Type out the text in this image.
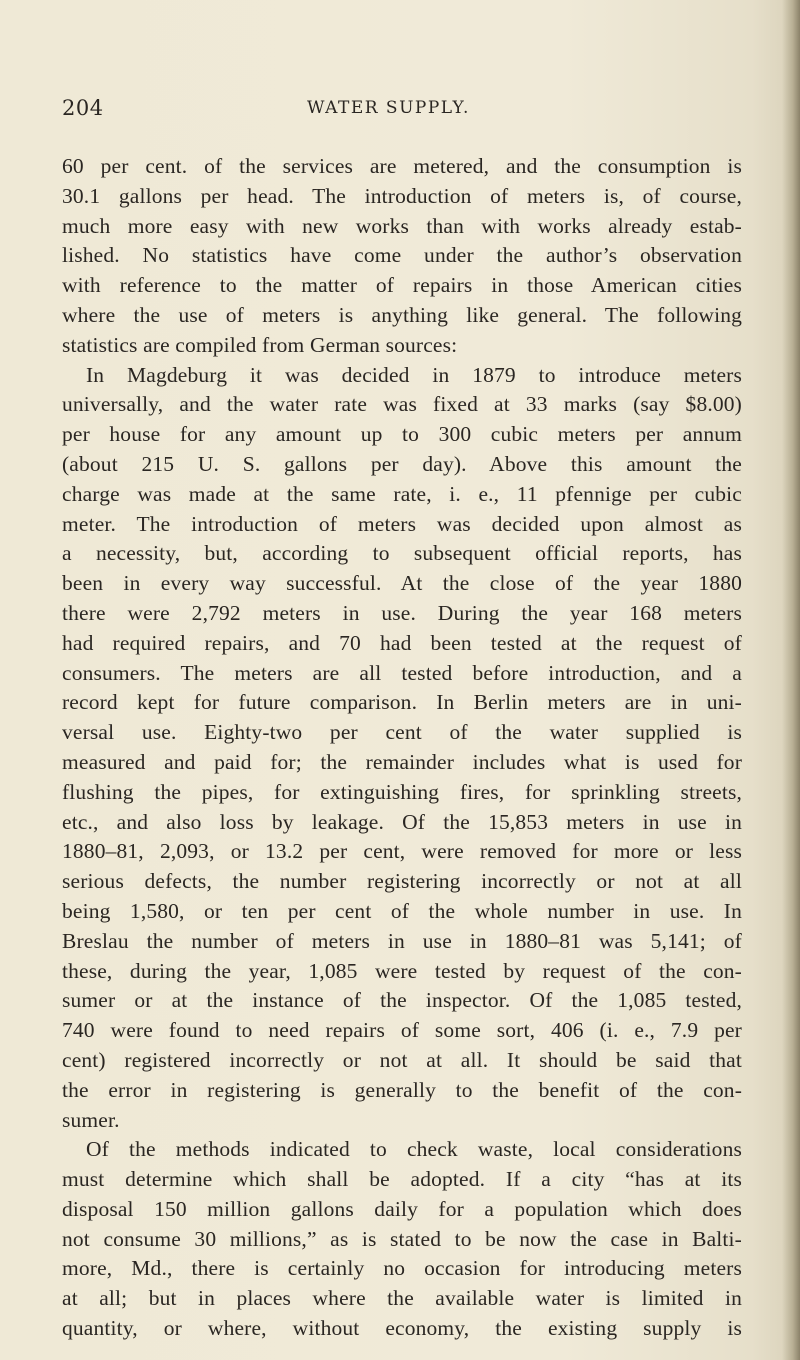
204	WATER SUPPLY.
60 per cent. of the services are metered, and the consumption is
30.1 gallons per head. The introduction of meters is, of course,
much more easy with new works than with works already estab-
lished. No statistics have come under the author’s observation
with reference to the matter of repairs in those American cities
where the use of meters is anything like general. The following
statistics are compiled from German sources:
In Magdeburg it was decided in 1879 to introduce meters
universally, and the water rate was fixed at 33 marks (say $8.00)
per house for any amount up to 300 cubic meters per annum
(about 215 U. S. gallons per day). Above this amount the
charge was made at the same rate, i. e., 11 pfennige per cubic
meter. The introduction of meters was decided upon almost as
a necessity, but, according to subsequent official reports, has
been in every way successful. At the close of the year 1880
there were 2,792 meters in use. During the year 168 meters
had required repairs, and 70 had been tested at the request of
consumers. The meters are all tested before introduction, and a
record kept for future comparison. In Berlin meters are in uni-
versal use. Eighty-two per cent of the water supplied is
measured and paid for; the remainder includes what is used for
flushing the pipes, for extinguishing fires, for sprinkling streets,
etc., and also loss by leakage. Of the 15,853 meters in use in
1880–81, 2,093, or 13.2 per cent, were removed for more or less
serious defects, the number registering incorrectly or not at all
being 1,580, or ten per cent of the whole number in use. In
Breslau the number of meters in use in 1880–81 was 5,141; of
these, during the year, 1,085 were tested by request of the con-
sumer or at the instance of the inspector. Of the 1,085 tested,
740 were found to need repairs of some sort, 406 (i. e., 7.9 per
cent) registered incorrectly or not at all. It should be said that
the error in registering is generally to the benefit of the con-
sumer.
Of the methods indicated to check waste, local considerations
must determine which shall be adopted. If a city “has at its
disposal 150 million gallons daily for a population which does
not consume 30 millions,” as is stated to be now the case in Balti-
more, Md., there is certainly no occasion for introducing meters
at all; but in places where the available water is limited in
quantity, or where, without economy, the existing supply is
